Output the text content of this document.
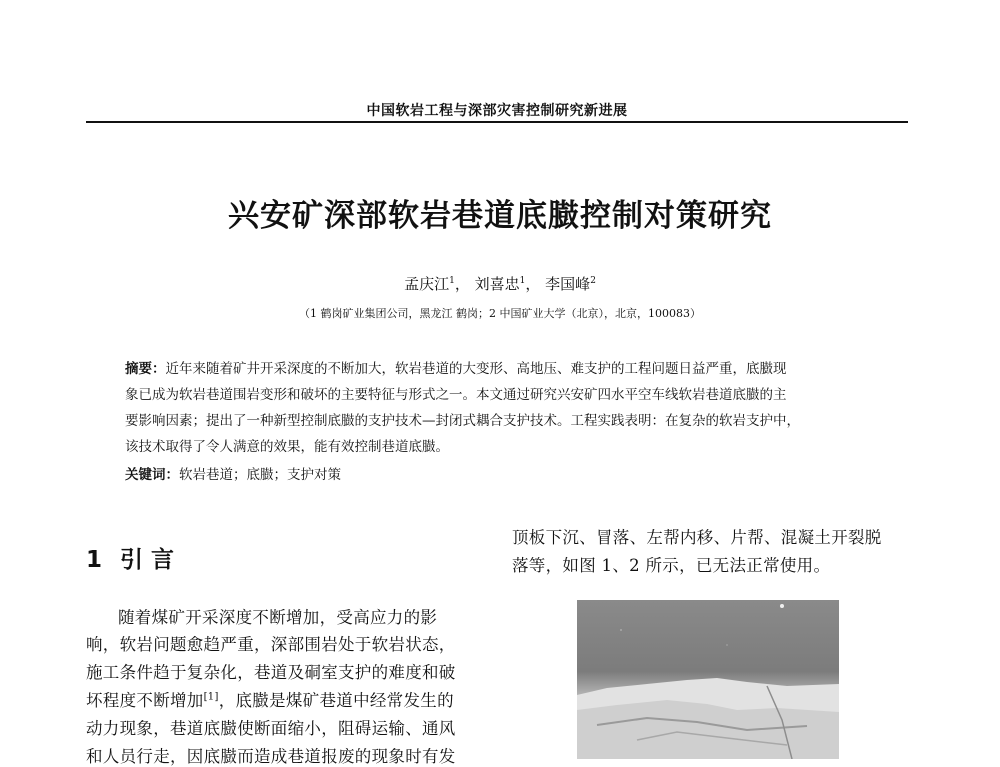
中国软岩工程与深部灾害控制研究新进展
兴安矿深部软岩巷道底臌控制对策研究
孟庆江$^1$， 刘喜忠$^1$， 李国峰$^2$
（1 鹤岗矿业集团公司，黑龙江 鹤岗；2 中国矿业大学（北京），北京，100083）
摘要：近年来随着矿井开采深度的不断加大，软岩巷道的大变形、高地压、难支护的工程问题日益严重，底臌现
象已成为软岩巷道围岩变形和破坏的主要特征与形式之一。本文通过研究兴安矿四水平空车线软岩巷道底臌的主
要影响因素；提出了一种新型控制底臌的支护技术—封闭式耦合支护技术。工程实践表明：在复杂的软岩支护中，
该技术取得了令人满意的效果，能有效控制巷道底臌。
关键词：软岩巷道；底臌；支护对策
1 引 言
随着煤矿开采深度不断增加，受高应力的影
响，软岩问题愈趋严重，深部围岩处于软岩状态，
施工条件趋于复杂化，巷道及硐室支护的难度和破
坏程度不断增加[1]，底臌是煤矿巷道中经常发生的
动力现象，巷道底臌使断面缩小，阻碍运输、通风
和人员行走，因底臌而造成巷道报废的现象时有发
顶板下沉、冒落、左帮内移、片帮、混凝土开裂脱
落等，如图 1、2 所示，已无法正常使用。
